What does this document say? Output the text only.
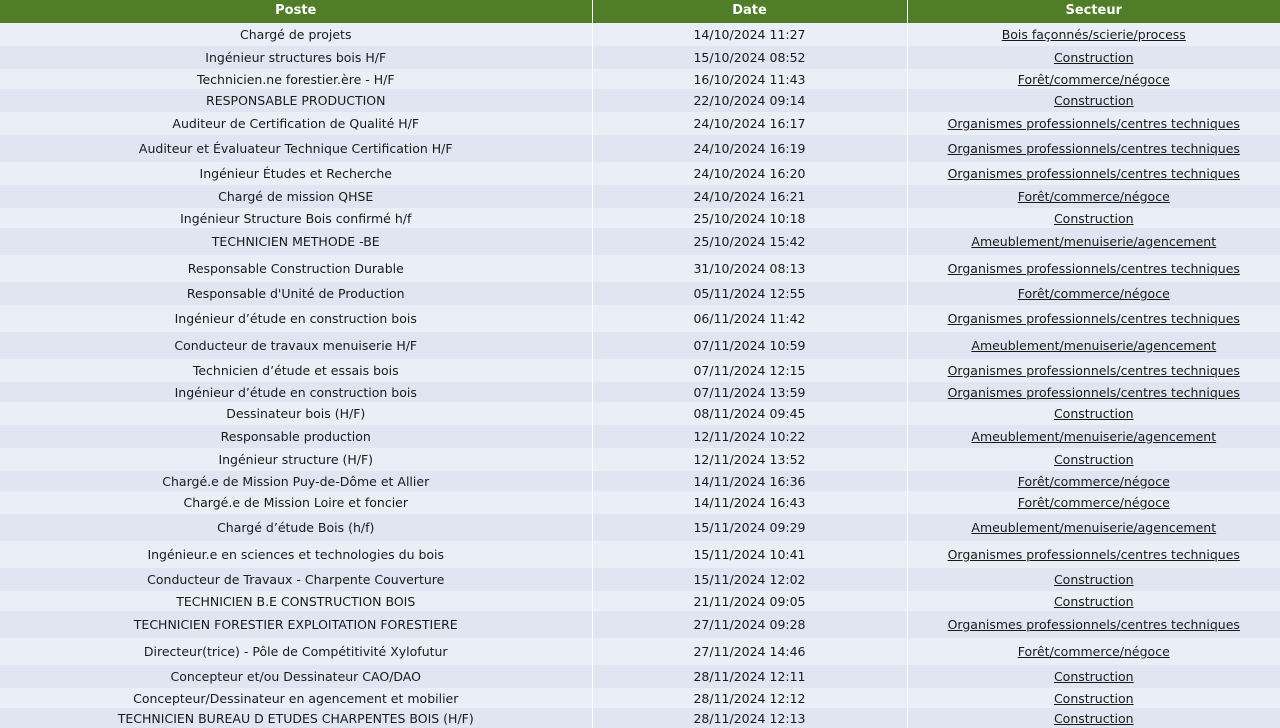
Poste	Date	Secteur
Chargé de projets	14/10/2024 11:27	Bois façonnés/scierie/process
Ingénieur structures bois H/F	15/10/2024 08:52	Construction
Technicien.ne forestier.ère - H/F	16/10/2024 11:43	Forêt/commerce/négoce
RESPONSABLE PRODUCTION	22/10/2024 09:14	Construction
Auditeur de Certification de Qualité H/F	24/10/2024 16:17	Organismes professionnels/centres techniques
Auditeur et Évaluateur Technique Certification H/F	24/10/2024 16:19	Organismes professionnels/centres techniques
Ingénieur Études et Recherche	24/10/2024 16:20	Organismes professionnels/centres techniques
Chargé de mission QHSE	24/10/2024 16:21	Forêt/commerce/négoce
Ingénieur Structure Bois confirmé h/f	25/10/2024 10:18	Construction
TECHNICIEN METHODE -BE	25/10/2024 15:42	Ameublement/menuiserie/agencement
Responsable Construction Durable	31/10/2024 08:13	Organismes professionnels/centres techniques
Responsable d'Unité de Production	05/11/2024 12:55	Forêt/commerce/négoce
Ingénieur d’étude en construction bois	06/11/2024 11:42	Organismes professionnels/centres techniques
Conducteur de travaux menuiserie H/F	07/11/2024 10:59	Ameublement/menuiserie/agencement
Technicien d’étude et essais bois	07/11/2024 12:15	Organismes professionnels/centres techniques
Ingénieur d’étude en construction bois	07/11/2024 13:59	Organismes professionnels/centres techniques
Dessinateur bois (H/F)	08/11/2024 09:45	Construction
Responsable production	12/11/2024 10:22	Ameublement/menuiserie/agencement
Ingénieur structure (H/F)	12/11/2024 13:52	Construction
Chargé.e de Mission Puy-de-Dôme et Allier	14/11/2024 16:36	Forêt/commerce/négoce
Chargé.e de Mission Loire et foncier	14/11/2024 16:43	Forêt/commerce/négoce
Chargé d’étude Bois (h/f)	15/11/2024 09:29	Ameublement/menuiserie/agencement
Ingénieur.e en sciences et technologies du bois	15/11/2024 10:41	Organismes professionnels/centres techniques
Conducteur de Travaux - Charpente Couverture	15/11/2024 12:02	Construction
TECHNICIEN B.E CONSTRUCTION BOIS	21/11/2024 09:05	Construction
TECHNICIEN FORESTIER EXPLOITATION FORESTIERE	27/11/2024 09:28	Organismes professionnels/centres techniques
Directeur(trice) - Pôle de Compétitivité Xylofutur	27/11/2024 14:46	Forêt/commerce/négoce
Concepteur et/ou Dessinateur CAO/DAO	28/11/2024 12:11	Construction
Concepteur/Dessinateur en agencement et mobilier	28/11/2024 12:12	Construction
TECHNICIEN BUREAU D ETUDES CHARPENTES BOIS (H/F)	28/11/2024 12:13	Construction
